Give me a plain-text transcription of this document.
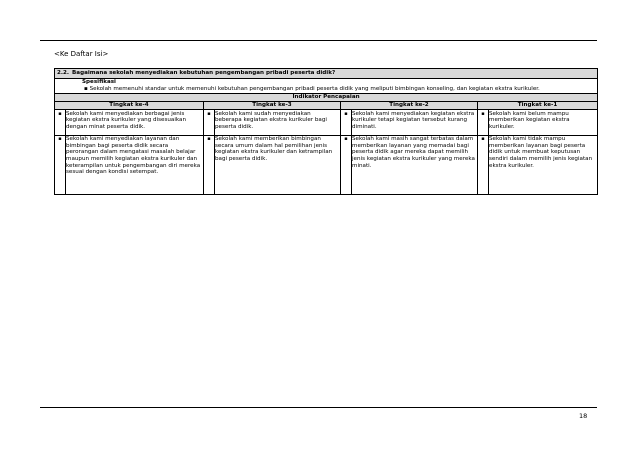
<Ke Daftar Isi>
2.2. Bagaimana sekolah menyediakan kebutuhan pengembangan pribadi peserta didik?							

Spesifikasi
▪ Sekolah memenuhi standar untuk memenuhi kebutuhan pengembangan pribadi peserta didik yang meliputi bimbingan konseling, dan kegiatan ekstra kurikuler.							

Indikator Pencapaian							
Tingkat ke-4		Tingkat ke-3		Tingkat ke-2		Tingkat ke-1	
▪	Sekolah kami menyediakan berbagai jenis kegiatan ekstra kurikuler yang disesuaikan dengan minat peserta didik.	▪	Sekolah kami sudah menyediakan beberapa kegiatan ekstra kurikuler bagi peserta didik.	▪	Sekolah kami menyediakan kegiatan ekstra kurikuler tetapi kegiatan tersebut kurang diminati.	▪	Sekolah kami belum mampu memberikan kegiatan ekstra kurikuler.
▪	Sekolah kami menyediakan layanan dan bimbingan bagi peserta didik secara perorangan dalam mengatasi masalah belajar maupun memilih kegiatan ekstra kurikuler dan keterampilan untuk pengembangan diri mereka sesuai dengan kondisi setempat.	▪	Sekolah kami memberikan bimbingan secara umum dalam hal pemilihan jenis kegiatan ekstra kurikuler dan ketrampilan bagi peserta didik.	▪	Sekolah kami masih sangat terbatas dalam memberikan layanan yang memadai bagi peserta didik agar mereka dapat memilih jenis kegiatan ekstra kurikuler yang mereka minati.	▪	Sekolah kami tidak mampu memberikan layanan bagi peserta didik untuk membuat keputusan sendiri dalam memilih jenis kegiatan ekstra kurikuler.
18
